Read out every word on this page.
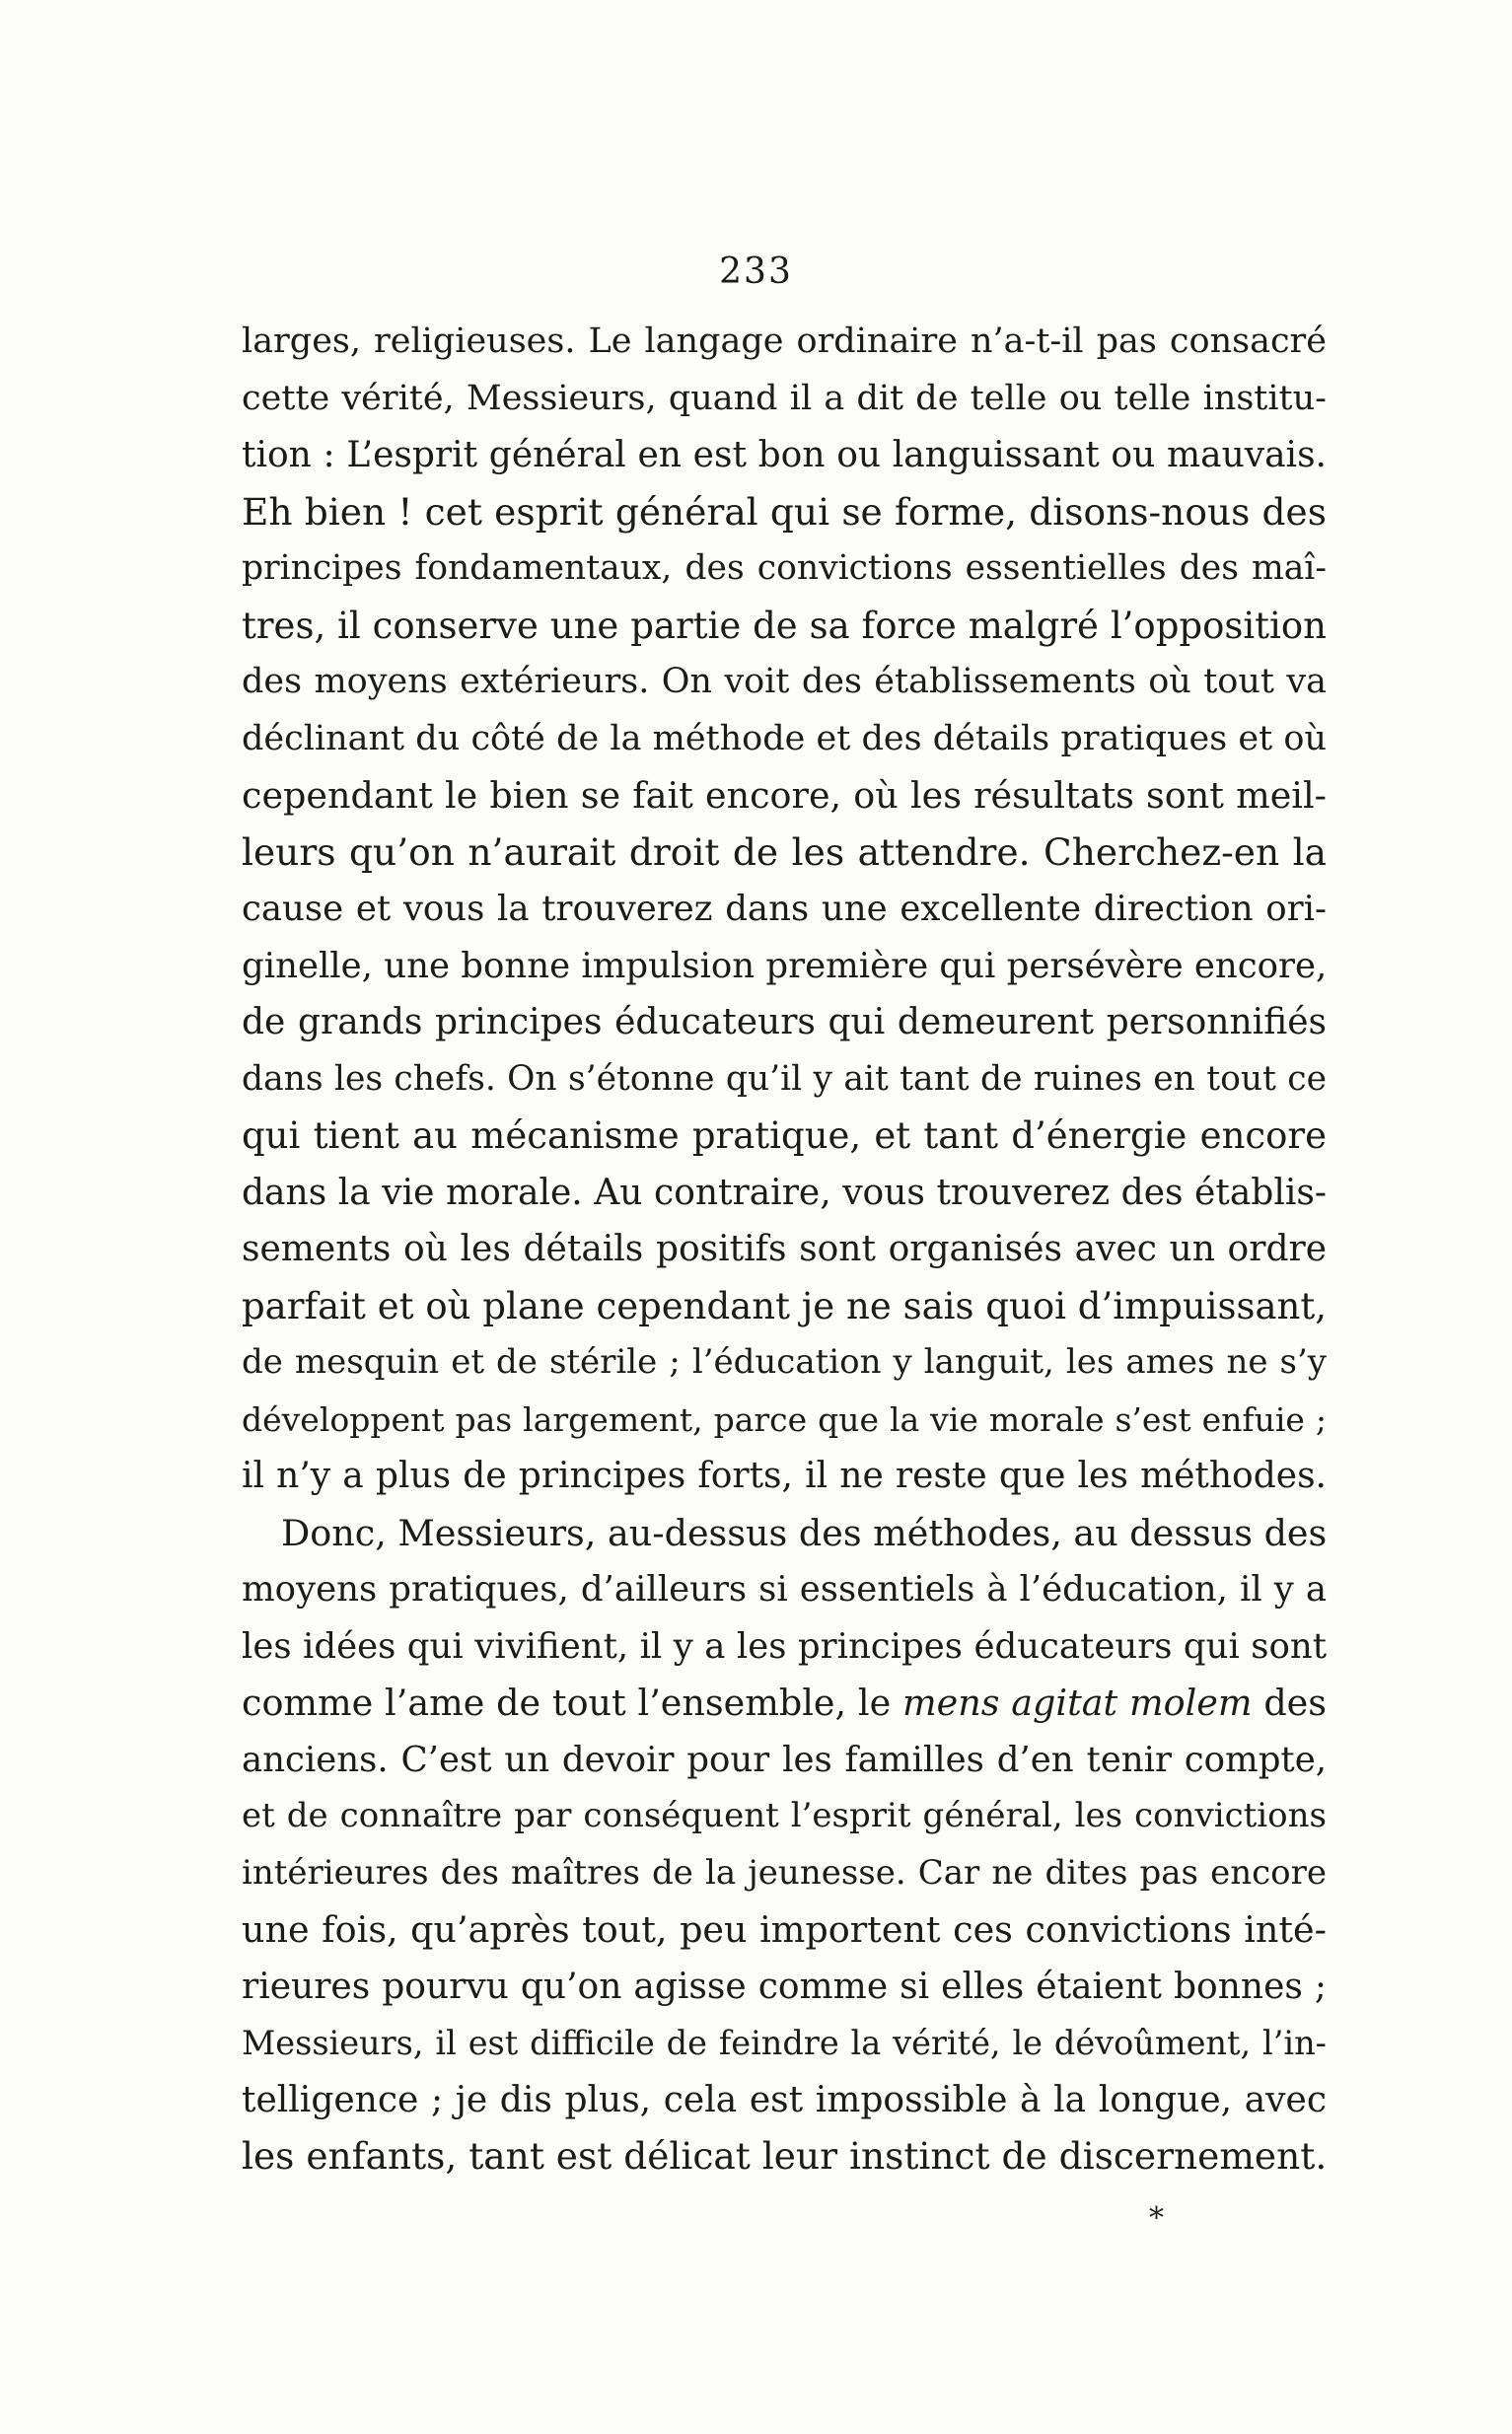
233
larges, religieuses. Le langage ordinaire n’a-t-il pas consacré
cette vérité, Messieurs, quand il a dit de telle ou telle institu-
tion : L’esprit général en est bon ou languissant ou mauvais.
Eh bien ! cet esprit général qui se forme, disons-nous des
principes fondamentaux, des convictions essentielles des maî-
tres, il conserve une partie de sa force malgré l’opposition
des moyens extérieurs. On voit des établissements où tout va
déclinant du côté de la méthode et des détails pratiques et où
cependant le bien se fait encore, où les résultats sont meil-
leurs qu’on n’aurait droit de les attendre. Cherchez-en la
cause et vous la trouverez dans une excellente direction ori-
ginelle, une bonne impulsion première qui persévère encore,
de grands principes éducateurs qui demeurent personnifiés
dans les chefs. On s’étonne qu’il y ait tant de ruines en tout ce
qui tient au mécanisme pratique, et tant d’énergie encore
dans la vie morale. Au contraire, vous trouverez des établis-
sements où les détails positifs sont organisés avec un ordre
parfait et où plane cependant je ne sais quoi d’impuissant,
de mesquin et de stérile ; l’éducation y languit, les ames ne s’y
développent pas largement, parce que la vie morale s’est enfuie ;
il n’y a plus de principes forts, il ne reste que les méthodes.
Donc, Messieurs, au-dessus des méthodes, au dessus des
moyens pratiques, d’ailleurs si essentiels à l’éducation, il y a
les idées qui vivifient, il y a les principes éducateurs qui sont
comme l’ame de tout l’ensemble, le mens agitat molem des
anciens. C’est un devoir pour les familles d’en tenir compte,
et de connaître par conséquent l’esprit général, les convictions
intérieures des maîtres de la jeunesse. Car ne dites pas encore
une fois, qu’après tout, peu importent ces convictions inté-
rieures pourvu qu’on agisse comme si elles étaient bonnes ;
Messieurs, il est difficile de feindre la vérité, le dévoûment, l’in-
telligence ; je dis plus, cela est impossible à la longue, avec
les enfants, tant est délicat leur instinct de discernement.
*
